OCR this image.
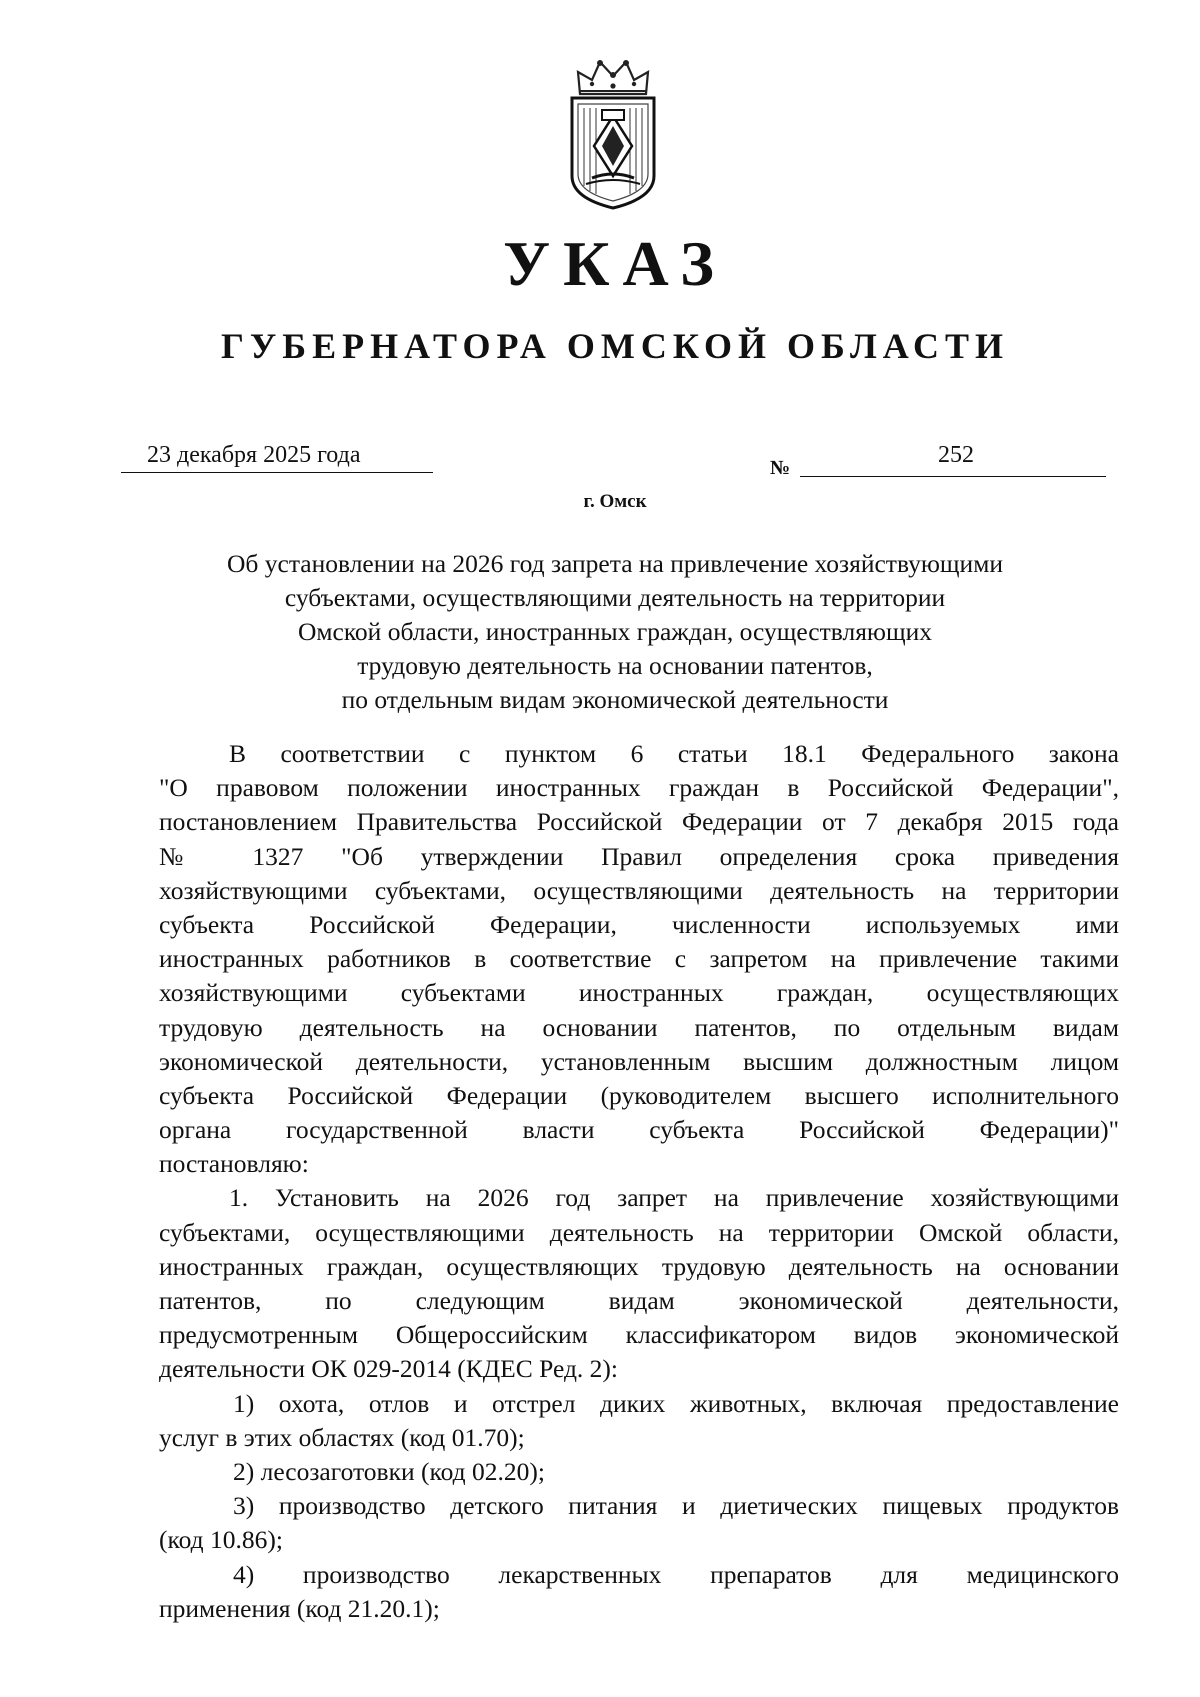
УКАЗ
ГУБЕРНАТОРА ОМСКОЙ ОБЛАСТИ
23 декабря 2025 года	№	252
г. Омск
Об установлении на 2026 год запрета на привлечение хозяйствующими
субъектами, осуществляющими деятельность на территории
Омской области, иностранных граждан, осуществляющих
трудовую деятельность на основании патентов,
по отдельным видам экономической деятельности
В соответствии с пунктом 6 статьи 18.1 Федерального закона
"О правовом положении иностранных граждан в Российской Федерации",
постановлением Правительства Российской Федерации от 7 декабря 2015 года
№ 1327 "Об утверждении Правил определения срока приведения
хозяйствующими субъектами, осуществляющими деятельность на территории
субъекта Российской Федерации, численности используемых ими
иностранных работников в соответствие с запретом на привлечение такими
хозяйствующими субъектами иностранных граждан, осуществляющих
трудовую деятельность на основании патентов, по отдельным видам
экономической деятельности, установленным высшим должностным лицом
субъекта Российской Федерации (руководителем высшего исполнительного
органа государственной власти субъекта Российской Федерации)"
постановляю:
1. Установить на 2026 год запрет на привлечение хозяйствующими
субъектами, осуществляющими деятельность на территории Омской области,
иностранных граждан, осуществляющих трудовую деятельность на основании
патентов, по следующим видам экономической деятельности,
предусмотренным Общероссийским классификатором видов экономической
деятельности ОК 029-2014 (КДЕС Ред. 2):
1) охота, отлов и отстрел диких животных, включая предоставление
услуг в этих областях (код 01.70);
2) лесозаготовки (код 02.20);
3) производство детского питания и диетических пищевых продуктов
(код 10.86);
4) производство лекарственных препаратов для медицинского
применения (код 21.20.1);
